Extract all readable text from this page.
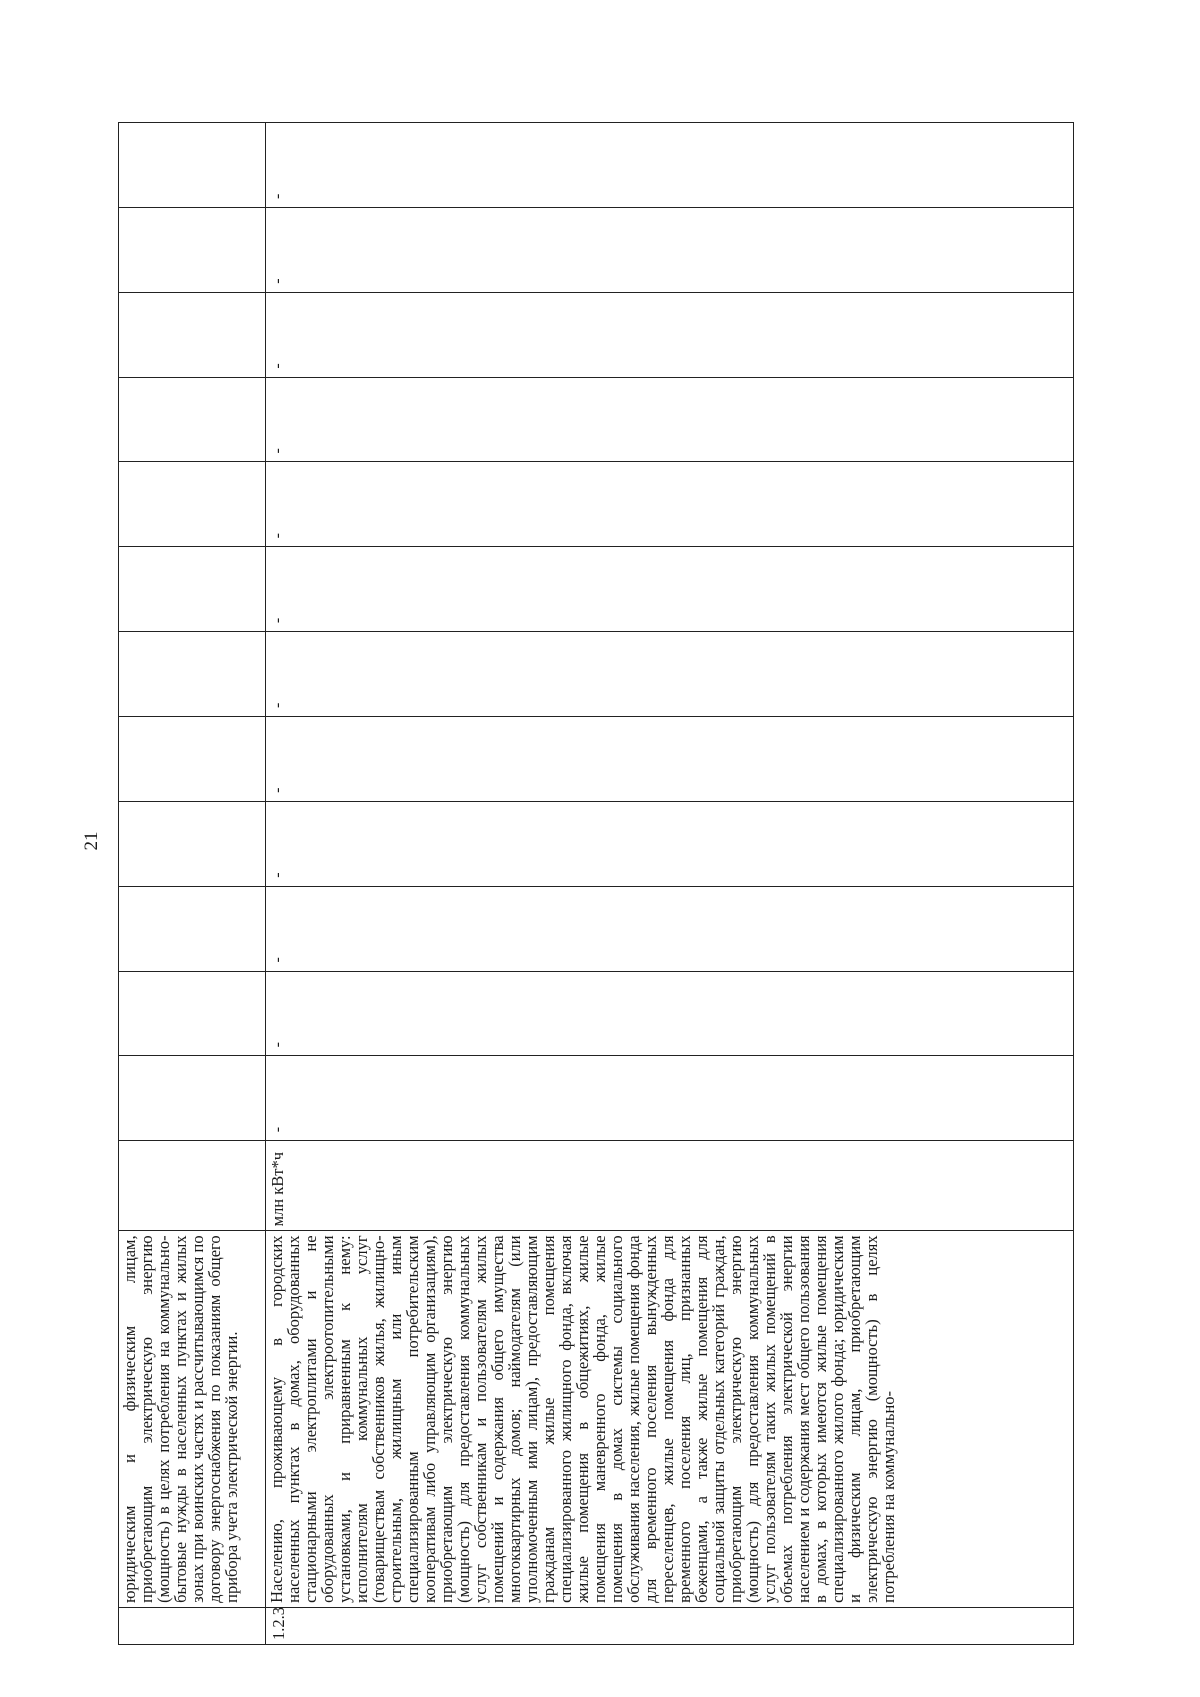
21

	юридическим и физическим лицам, приобретающим электрическую энергию (мощность) в целях потребления на коммунально-бытовые нужды в населенных пунктах и жилых зонах при воинских частях и рассчитывающимся по договору энергоснабжения по показаниям общего прибора учета электрической энергии.													

1.2.3	Населению, проживающему в городских населенных пунктах в домах, оборудованных стационарными электроплитами и не оборудованных электроотопительными установками, и приравненным к нему: исполнителям коммунальных услуг (товариществам собственников жилья, жилищно-строительным, жилищным или иным специализированным потребительским кооперативам либо управляющим организациям), приобретающим электрическую энергию (мощность) для предоставления коммунальных услуг собственникам и пользователям жилых помещений и содержания общего имущества многоквартирных домов; наймодателям (или уполномоченным ими лицам), предоставляющим гражданам жилые помещения специализированного жилищного фонда, включая жилые помещения в общежитиях, жилые помещения маневренного фонда, жилые помещения в домах системы социального обслуживания населения, жилые помещения фонда для временного поселения вынужденных переселенцев, жилые помещения фонда для временного поселения лиц, признанных беженцами, а также жилые помещения для социальной защиты отдельных категорий граждан, приобретающим электрическую энергию (мощность) для предоставления коммунальных услуг пользователям таких жилых помещений в объемах потребления электрической энергии населением и содержания мест общего пользования в домах, в которых имеются жилые помещения специализированного жилого фонда; юридическим и физическим лицам, приобретающим электрическую энергию (мощность) в целях потребления на коммунально-	млн кВт*ч	-	-	-	-	-	-	-	-	-	-	-	-
